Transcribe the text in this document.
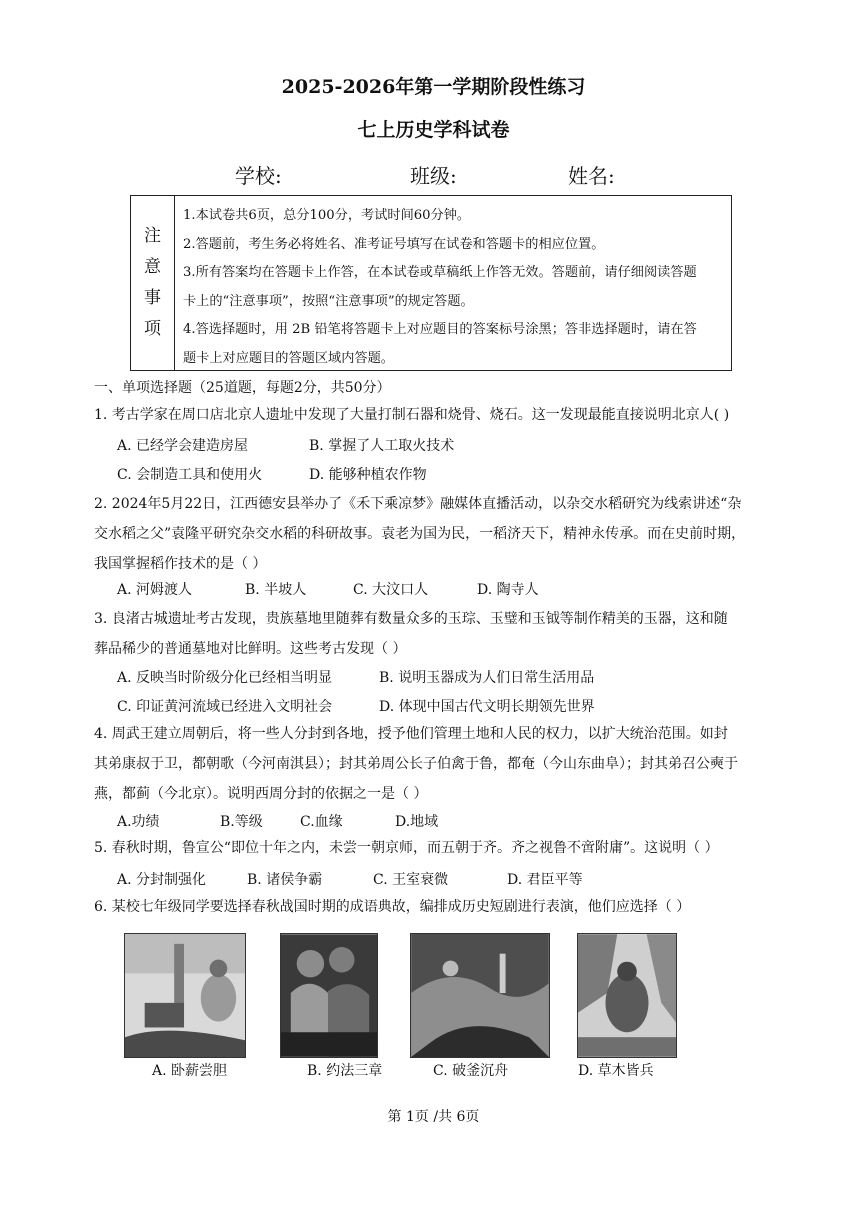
2025-2026年第一学期阶段性练习
七上历史学科试卷
学校:	班级:	姓名:
注
意
事
项
1.本试卷共6页，总分100分，考试时间60分钟。
2.答题前，考生务必将姓名、准考证号填写在试卷和答题卡的相应位置。
3.所有答案均在答题卡上作答，在本试卷或草稿纸上作答无效。答题前，请仔细阅读答题
卡上的“注意事项”，按照“注意事项”的规定答题。
4.答选择题时，用 2B 铅笔将答题卡上对应题目的答案标号涂黑；答非选择题时，请在答
题卡上对应题目的答题区域内答题。
一、单项选择题（25道题，每题2分，共50分）
1. 考古学家在周口店北京人遗址中发现了大量打制石器和烧骨、烧石。这一发现最能直接说明北京人( )
A. 已经学会建造房屋	B. 掌握了人工取火技术
C. 会制造工具和使用火	D. 能够种植农作物
2. 2024年5月22日，江西德安县举办了《禾下乘凉梦》融媒体直播活动，以杂交水稻研究为线索讲述“杂
交水稻之父”袁隆平研究杂交水稻的科研故事。袁老为国为民，一稻济天下，精神永传承。而在史前时期，
我国掌握稻作技术的是（ ）
A. 河姆渡人	B. 半坡人	C. 大汶口人	D. 陶寺人
3. 良渚古城遗址考古发现，贵族墓地里随葬有数量众多的玉琮、玉璧和玉钺等制作精美的玉器，这和随
葬品稀少的普通墓地对比鲜明。这些考古发现（ ）
A. 反映当时阶级分化已经相当明显	B. 说明玉器成为人们日常生活用品
C. 印证黄河流域已经进入文明社会	D. 体现中国古代文明长期领先世界
4. 周武王建立周朝后，将一些人分封到各地，授予他们管理土地和人民的权力，以扩大统治范围。如封
其弟康叔于卫，都朝歌（今河南淇县）；封其弟周公长子伯禽于鲁，都奄（今山东曲阜）；封其弟召公奭于
燕，都蓟（今北京）。说明西周分封的依据之一是（ ）
A.功绩	B.等级	C.血缘	D.地域
5. 春秋时期，鲁宣公“即位十年之内，未尝一朝京师，而五朝于齐。齐之视鲁不啻附庸”。这说明（ ）
A. 分封制强化	B. 诸侯争霸	C. 王室衰微	D. 君臣平等
6. 某校七年级同学要选择春秋战国时期的成语典故，编排成历史短剧进行表演，他们应选择（ ）
A. 卧薪尝胆	B. 约法三章	C. 破釜沉舟	D. 草木皆兵
第 1页 /共 6页
